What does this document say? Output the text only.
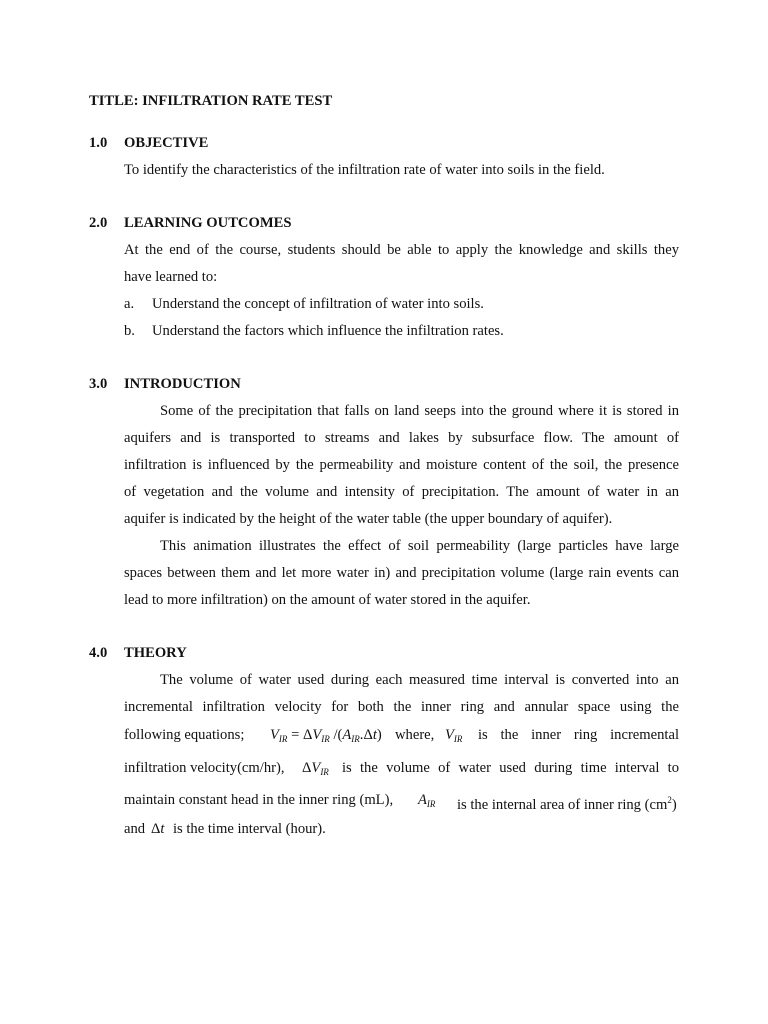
TITLE: INFILTRATION RATE TEST
1.0 OBJECTIVE
To identify the characteristics of the infiltration rate of water into soils in the field.
2.0 LEARNING OUTCOMES
At the end of the course, students should be able to apply the knowledge and skills they
have learned to:
a. Understand the concept of infiltration of water into soils.
b. Understand the factors which influence the infiltration rates.
3.0 INTRODUCTION
Some of the precipitation that falls on land seeps into the ground where it is stored in
aquifers and is transported to streams and lakes by subsurface flow. The amount of
infiltration is influenced by the permeability and moisture content of the soil, the presence
of vegetation and the volume and intensity of precipitation. The amount of water in an
aquifer is indicated by the height of the water table (the upper boundary of aquifer).
This animation illustrates the effect of soil permeability (large particles have large
spaces between them and let more water in) and precipitation volume (large rain events can
lead to more infiltration) on the amount of water stored in the aquifer.
4.0 THEORY
The volume of water used during each measured time interval is converted into an
incremental infiltration velocity for both the inner ring and annular space using the
following equations; $V_{IR} = \Delta V_{IR}$ $/(A_{IR}.\Delta t)$ where, $V_{IR}$ is the inner ring incremental
infiltration velocity(cm/hr), $\Delta V_{IR}$ is the volume of water used during time interval to
maintain constant head in the inner ring (mL), $A_{IR}$ is the internal area of inner ring $(cm^2)$
and Δt is the time interval (hour).
